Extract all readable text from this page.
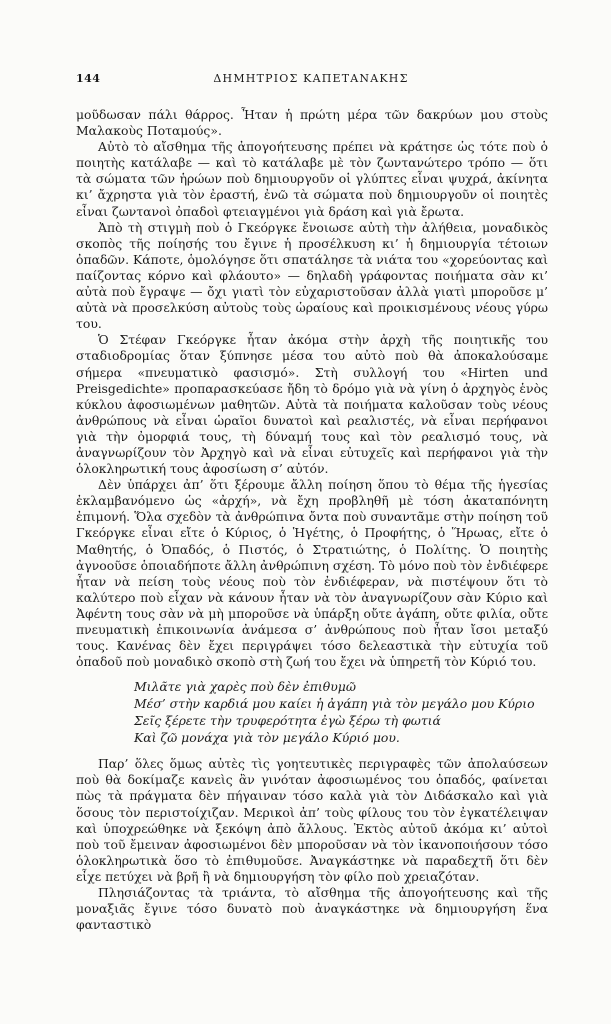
144	ΔΗΜΗΤΡΙΟΣ ΚΑΠΕΤΑΝΑΚΗΣ

μοῦδωσαν πάλι θάρρος. Ἦταν ἡ πρώτη μέρα τῶν δακρύων μου στοὺς Μαλακοὺς Ποταμούς».

Αὐτὸ τὸ αἴσθημα τῆς ἀπογοήτευσης πρέπει νὰ κράτησε ὡς τότε ποὺ ὁ ποιητὴς κατάλαβε — καὶ τὸ κατάλαβε μὲ τὸν ζωντανώτερο τρόπο — ὅτι τὰ σώματα τῶν ἡρώων ποὺ δημιουργοῦν οἱ γλύπτες εἶναι ψυχρά, ἀκίνητα κι’ ἄχρηστα γιὰ τὸν ἐραστή, ἐνῶ τὰ σώματα ποὺ δημιουργοῦν οἱ ποιητὲς εἶναι ζωντανοὶ ὀπαδοὶ φτειαγμένοι γιὰ δράση καὶ γιὰ ἔρωτα.

Ἀπὸ τὴ στιγμὴ ποὺ ὁ Γκεόργκε ἔνοιωσε αὐτὴ τὴν ἀλήθεια, μοναδικὸς σκοπὸς τῆς ποίησής του ἔγινε ἡ προσέλκυση κι’ ἡ δημιουργία τέτοιων ὀπαδῶν. Κάποτε, ὁμολόγησε ὅτι σπατάλησε τὰ νιάτα του «χορεύοντας καὶ παίζοντας κόρνο καὶ φλάουτο» — δηλαδὴ γράφοντας ποιήματα σὰν κι’ αὐτὰ ποὺ ἔγραψε — ὄχι γιατὶ τὸν εὐχαριστοῦσαν ἀλλὰ γιατὶ μποροῦσε μ’ αὐτὰ νὰ προσελκύση αὐτοὺς τοὺς ὡραίους καὶ προικισμένους νέους γύρω του.

Ὁ Στέφαν Γκεόργκε ἦταν ἀκόμα στὴν ἀρχὴ τῆς ποιητικῆς του σταδιοδρομίας ὅταν ξύπνησε μέσα του αὐτὸ ποὺ θὰ ἀποκαλούσαμε σήμερα «πνευματικὸ φασισμό». Στὴ συλλογή του «Hirten und Preisgedichte» προπαρασκεύασε ἤδη τὸ δρόμο γιὰ νὰ γίνη ὁ ἀρχηγὸς ἑνὸς κύκλου ἀφοσιωμένων μαθητῶν. Αὐτὰ τὰ ποιήματα καλοῦσαν τοὺς νέους ἀνθρώπους νὰ εἶναι ὡραῖοι δυνατοὶ καὶ ρεαλιστές, νὰ εἶναι περήφανοι γιὰ τὴν ὀμορφιά τους, τὴ δύναμή τους καὶ τὸν ρεαλισμό τους, νὰ ἀναγνωρίζουν τὸν Ἀρχηγὸ καὶ νὰ εἶναι εὐτυχεῖς καὶ περήφανοι γιὰ τὴν ὁλοκληρωτική τους ἀφοσίωση σ’ αὐτόν.

Δὲν ὑπάρχει ἀπ’ ὅτι ξέρουμε ἄλλη ποίηση ὅπου τὸ θέμα τῆς ἡγεσίας ἐκλαμβανόμενο ὡς «ἀρχή», νὰ ἔχη προβληθῆ μὲ τόση ἀκαταπόνητη ἐπιμονή. Ὅλα σχεδὸν τὰ ἀνθρώπινα ὄντα ποὺ συναντᾶμε στὴν ποίηση τοῦ Γκεόργκε εἶναι εἴτε ὁ Κύριος, ὁ Ἡγέτης, ὁ Προφήτης, ὁ Ἥρωας, εἴτε ὁ Μαθητής, ὁ Ὀπαδός, ὁ Πιστός, ὁ Στρατιώτης, ὁ Πολίτης. Ὁ ποιητὴς ἀγνοοῦσε ὁποιαδήποτε ἄλλη ἀνθρώπινη σχέση. Τὸ μόνο ποὺ τὸν ἐνδιέφερε ἦταν νὰ πείση τοὺς νέους ποὺ τὸν ἐνδιέφεραν, νὰ πιστέψουν ὅτι τὸ καλύτερο ποὺ εἶχαν νὰ κάνουν ἦταν νὰ τὸν ἀναγνωρίζουν σὰν Κύριο καὶ Ἀφέντη τους σὰν νὰ μὴ μποροῦσε νὰ ὑπάρξη οὔτε ἀγάπη, οὔτε φιλία, οὔτε πνευματικὴ ἐπικοινωνία ἀνάμεσα σ’ ἀνθρώπους ποὺ ἦταν ἴσοι μεταξύ τους. Κανένας δὲν ἔχει περιγράψει τόσο δελεαστικὰ τὴν εὐτυχία τοῦ ὀπαδοῦ ποὺ μοναδικὸ σκοπὸ στὴ ζωή του ἔχει νὰ ὑπηρετῆ τὸν Κύριό του.

Μιλᾶτε γιὰ χαρὲς ποὺ δὲν ἐπιθυμῶ
Μέσ’ στὴν καρδιά μου καίει ἡ ἀγάπη γιὰ τὸν μεγάλο μου Κύριο
Σεῖς ξέρετε τὴν τρυφερότητα ἐγὼ ξέρω τὴ φωτιά
Καὶ ζῶ μονάχα γιὰ τὸν μεγάλο Κύριό μου.

Παρ’ ὅλες ὅμως αὐτὲς τὶς γοητευτικὲς περιγραφὲς τῶν ἀπολαύσεων ποὺ θὰ δοκίμαζε κανεὶς ἂν γινόταν ἀφοσιωμένος του ὀπαδός, φαίνεται πὼς τὰ πράγματα δὲν πήγαιναν τόσο καλὰ γιὰ τὸν Διδάσκαλο καὶ γιὰ ὅσους τὸν περιστοίχιζαν. Μερικοὶ ἀπ’ τοὺς φίλους του τὸν ἐγκατέλειψαν καὶ ὑποχρεώθηκε νὰ ξεκόψη ἀπὸ ἄλλους. Ἐκτὸς αὐτοῦ ἀκόμα κι’ αὐτοὶ ποὺ τοῦ ἔμειναν ἀφοσιωμένοι δὲν μποροῦσαν νὰ τὸν ἱκανοποιήσουν τόσο ὁλοκληρωτικὰ ὅσο τὸ ἐπιθυμοῦσε. Ἀναγκάστηκε νὰ παραδεχτῆ ὅτι δὲν εἶχε πετύχει νὰ βρῆ ἢ νὰ δημιουργήση τὸν φίλο ποὺ χρειαζόταν.

Πλησιάζοντας τὰ τριάντα, τὸ αἴσθημα τῆς ἀπογοήτευσης καὶ τῆς μοναξιᾶς ἔγινε τόσο δυνατὸ ποὺ ἀναγκάστηκε νὰ δημιουργήση ἕνα φανταστικὸ
